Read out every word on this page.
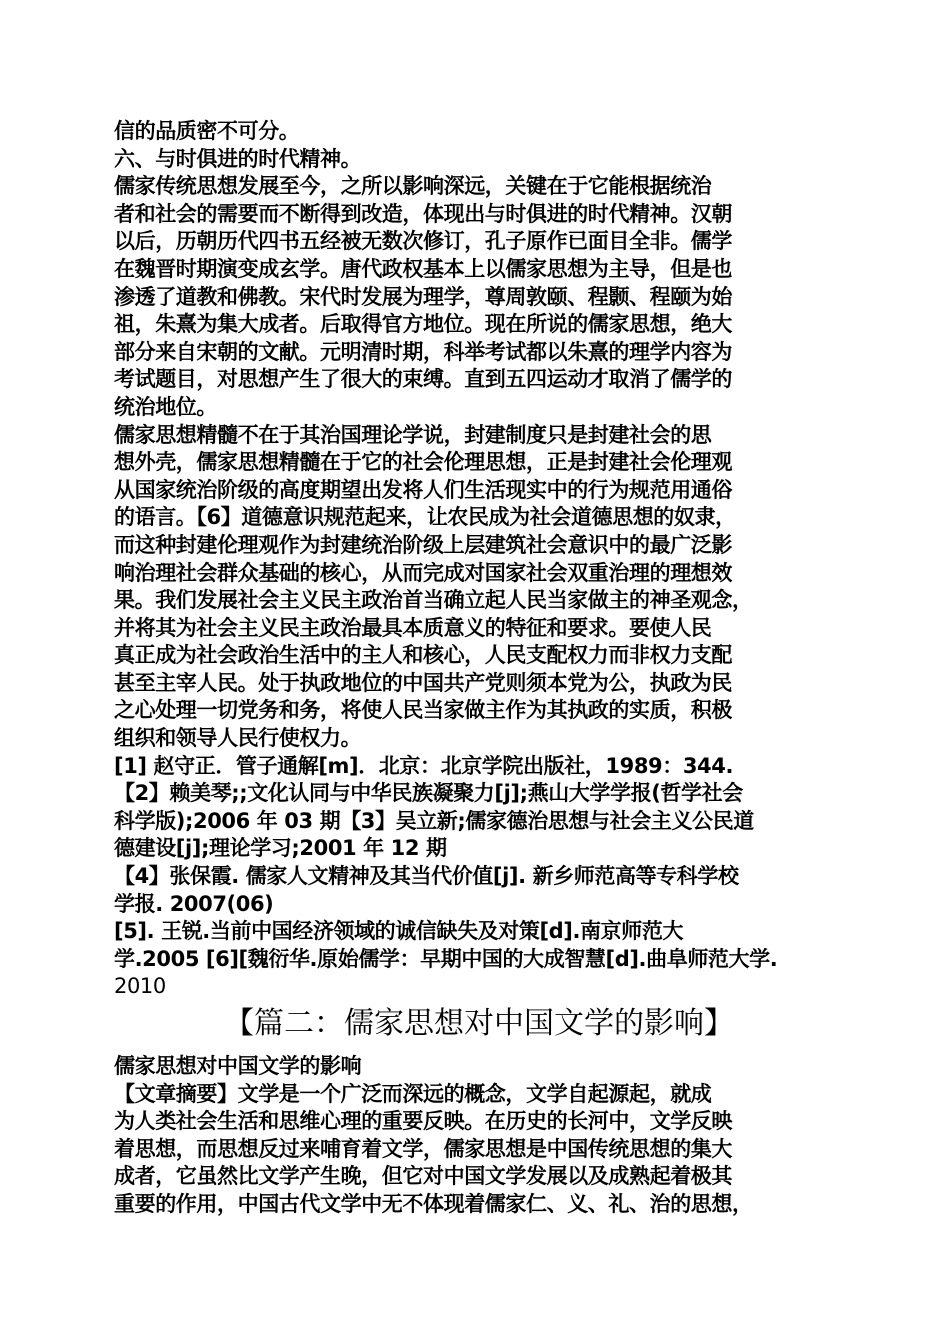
信的品质密不可分。

六、与时俱进的时代精神。

儒家传统思想发展至今，之所以影响深远，关键在于它能根据统治

者和社会的需要而不断得到改造，体现出与时俱进的时代精神。汉朝

以后，历朝历代四书五经被无数次修订，孔子原作已面目全非。儒学

在魏晋时期演变成玄学。唐代政权基本上以儒家思想为主导，但是也

渗透了道教和佛教。宋代时发展为理学，尊周敦颐、程颢、程颐为始

祖，朱熹为集大成者。后取得官方地位。现在所说的儒家思想，绝大

部分来自宋朝的文献。元明清时期，科举考试都以朱熹的理学内容为

考试题目，对思想产生了很大的束缚。直到五四运动才取消了儒学的

统治地位。

儒家思想精髓不在于其治国理论学说，封建制度只是封建社会的思

想外壳，儒家思想精髓在于它的社会伦理思想，正是封建社会伦理观

从国家统治阶级的高度期望出发将人们生活现实中的行为规范用通俗

的语言。【6】道德意识规范起来，让农民成为社会道德思想的奴隶，

而这种封建伦理观作为封建统治阶级上层建筑社会意识中的最广泛影

响治理社会群众基础的核心，从而完成对国家社会双重治理的理想效

果。我们发展社会主义民主政治首当确立起人民当家做主的神圣观念，

并将其为社会主义民主政治最具本质意义的特征和要求。要使人民

真正成为社会政治生活中的主人和核心，人民支配权力而非权力支配

甚至主宰人民。处于执政地位的中国共产党则须本党为公，执政为民

之心处理一切党务和务，将使人民当家做主作为其执政的实质，积极

组织和领导人民行使权力。

[1] 赵守正．管子通解[m]．北京：北京学院出版社，1989：344.

【2】赖美琴;;文化认同与中华民族凝聚力[j];燕山大学学报(哲学社会

科学版);2006 年 03 期【3】吴立新;儒家德治思想与社会主义公民道

德建设[j];理论学习;2001 年 12 期

【4】张保霞. 儒家人文精神及其当代价值[j]. 新乡师范高等专科学校

学报. 2007(06)

[5]. 王锐.当前中国经济领域的诚信缺失及对策[d].南京师范大

学.2005 [6][魏衍华.原始儒学：早期中国的大成智慧[d].曲阜师范大学.

2010

【篇二：儒家思想对中国文学的影响】

儒家思想对中国文学的影响

【文章摘要】文学是一个广泛而深远的概念，文学自起源起，就成

为人类社会生活和思维心理的重要反映。在历史的长河中，文学反映

着思想，而思想反过来哺育着文学，儒家思想是中国传统思想的集大

成者，它虽然比文学产生晚，但它对中国文学发展以及成熟起着极其

重要的作用，中国古代文学中无不体现着儒家仁、义、礼、治的思想，
